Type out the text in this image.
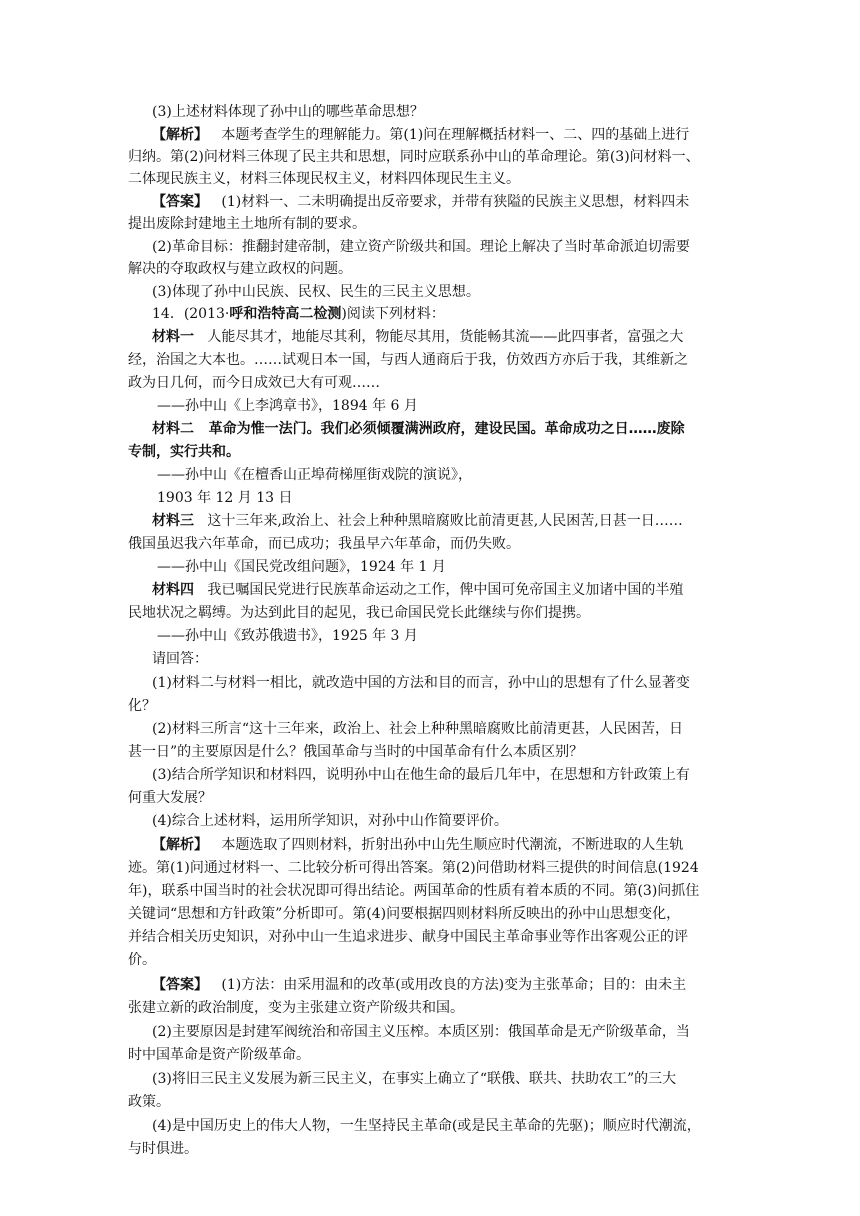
(3)上述材料体现了孙中山的哪些革命思想？
【解析】 本题考查学生的理解能力。第(1)问在理解概括材料一、二、四的基础上进行
归纳。第(2)问材料三体现了民主共和思想，同时应联系孙中山的革命理论。第(3)问材料一、
二体现民族主义，材料三体现民权主义，材料四体现民生主义。
【答案】 (1)材料一、二未明确提出反帝要求，并带有狭隘的民族主义思想，材料四未
提出废除封建地主土地所有制的要求。
(2)革命目标：推翻封建帝制，建立资产阶级共和国。理论上解决了当时革命派迫切需要
解决的夺取政权与建立政权的问题。
(3)体现了孙中山民族、民权、民生的三民主义思想。
14．(2013·呼和浩特高二检测)阅读下列材料：
材料一 人能尽其才，地能尽其利，物能尽其用，货能畅其流——此四事者，富强之大
经，治国之大本也。……试观日本一国，与西人通商后于我，仿效西方亦后于我，其维新之
政为日几何，而今日成效已大有可观……
——孙中山《上李鸿章书》，1894 年 6 月
材料二 革命为惟一法门。我们必须倾覆满洲政府，建设民国。革命成功之日……废除
专制，实行共和。
——孙中山《在檀香山正埠荷梯厘街戏院的演说》，
1903 年 12 月 13 日
材料三 这十三年来,政治上、社会上种种黑暗腐败比前清更甚,人民困苦,日甚一日……
俄国虽迟我六年革命，而已成功；我虽早六年革命，而仍失败。
——孙中山《国民党改组问题》，1924 年 1 月
材料四 我已嘱国民党进行民族革命运动之工作，俾中国可免帝国主义加诸中国的半殖
民地状况之羁缚。为达到此目的起见，我已命国民党长此继续与你们提携。
——孙中山《致苏俄遗书》，1925 年 3 月
请回答：
(1)材料二与材料一相比，就改造中国的方法和目的而言，孙中山的思想有了什么显著变
化？
(2)材料三所言“这十三年来，政治上、社会上种种黑暗腐败比前清更甚，人民困苦，日
甚一日”的主要原因是什么？俄国革命与当时的中国革命有什么本质区别？
(3)结合所学知识和材料四，说明孙中山在他生命的最后几年中，在思想和方针政策上有
何重大发展？
(4)综合上述材料，运用所学知识，对孙中山作简要评价。
【解析】 本题选取了四则材料，折射出孙中山先生顺应时代潮流，不断进取的人生轨
迹。第(1)问通过材料一、二比较分析可得出答案。第(2)问借助材料三提供的时间信息(1924
年)，联系中国当时的社会状况即可得出结论。两国革命的性质有着本质的不同。第(3)问抓住
关键词“思想和方针政策”分析即可。第(4)问要根据四则材料所反映出的孙中山思想变化，
并结合相关历史知识，对孙中山一生追求进步、献身中国民主革命事业等作出客观公正的评
价。
【答案】 (1)方法：由采用温和的改革(或用改良的方法)变为主张革命；目的：由未主
张建立新的政治制度，变为主张建立资产阶级共和国。
(2)主要原因是封建军阀统治和帝国主义压榨。本质区别：俄国革命是无产阶级革命，当
时中国革命是资产阶级革命。
(3)将旧三民主义发展为新三民主义，在事实上确立了“联俄、联共、扶助农工”的三大
政策。
(4)是中国历史上的伟大人物，一生坚持民主革命(或是民主革命的先驱)；顺应时代潮流，
与时俱进。
